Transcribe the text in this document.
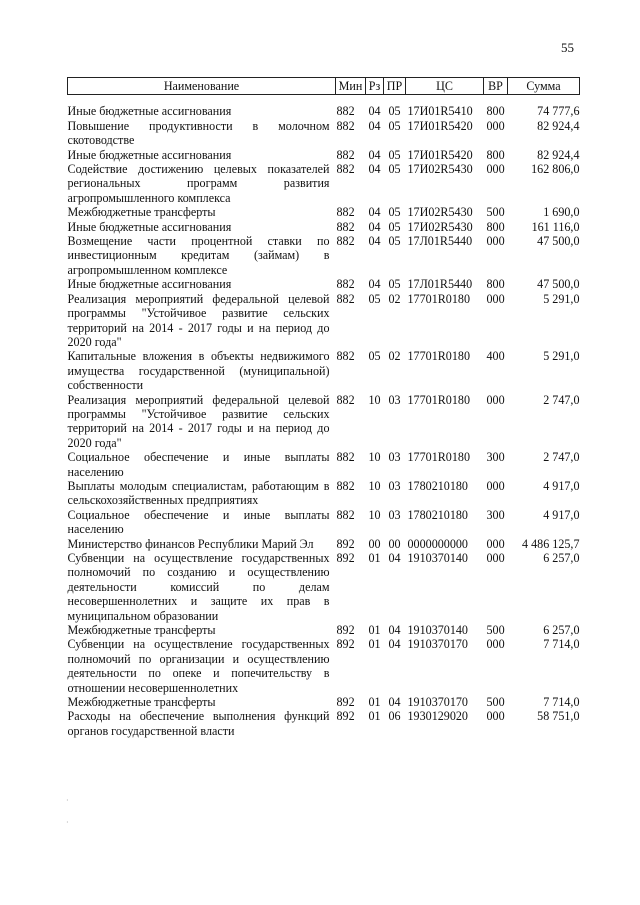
55
Наименование	Мин	Рз	ПР	ЦС	ВР	Сумма

Иные бюджетные ассигнования	882	04	05	17И01R5410	800	74 777,6
Повышение продуктивности в молочном скотоводстве	882	04	05	17И01R5420	000	82 924,4
Иные бюджетные ассигнования	882	04	05	17И01R5420	800	82 924,4
Содействие достижению целевых показателей региональных программ развития агропромышленного комплекса	882	04	05	17И02R5430	000	162 806,0
Межбюджетные трансферты	882	04	05	17И02R5430	500	1 690,0
Иные бюджетные ассигнования	882	04	05	17И02R5430	800	161 116,0
Возмещение части процентной ставки по инвестиционным кредитам (займам) в агропромышленном комплексе	882	04	05	17Л01R5440	000	47 500,0
Иные бюджетные ассигнования	882	04	05	17Л01R5440	800	47 500,0
Реализация мероприятий федеральной целевой программы "Устойчивое развитие сельских территорий на 2014 - 2017 годы и на период до 2020 года"	882	05	02	17701R0180	000	5 291,0
Капитальные вложения в объекты недвижимого имущества государственной (муниципальной) собственности	882	05	02	17701R0180	400	5 291,0
Реализация мероприятий федеральной целевой программы "Устойчивое развитие сельских территорий на 2014 - 2017 годы и на период до 2020 года"	882	10	03	17701R0180	000	2 747,0
Социальное обеспечение и иные выплаты населению	882	10	03	17701R0180	300	2 747,0
Выплаты молодым специалистам, работающим в сельскохозяйственных предприятиях	882	10	03	1780210180	000	4 917,0
Социальное обеспечение и иные выплаты населению	882	10	03	1780210180	300	4 917,0
Министерство финансов Республики Марий Эл	892	00	00	0000000000	000	4 486 125,7
Субвенции на осуществление государственных полномочий по созданию и осуществлению деятельности комиссий по делам несовершеннолетних и защите их прав в муниципальном образовании	892	01	04	1910370140	000	6 257,0
Межбюджетные трансферты	892	01	04	1910370140	500	6 257,0
Субвенции на осуществление государственных полномочий по организации и осуществлению деятельности по опеке и попечительству в отношении несовершеннолетних	892	01	04	1910370170	000	7 714,0
Межбюджетные трансферты	892	01	04	1910370170	500	7 714,0
Расходы на обеспечение выполнения функций органов государственной власти	892	01	06	1930129020	000	58 751,0
·
·
